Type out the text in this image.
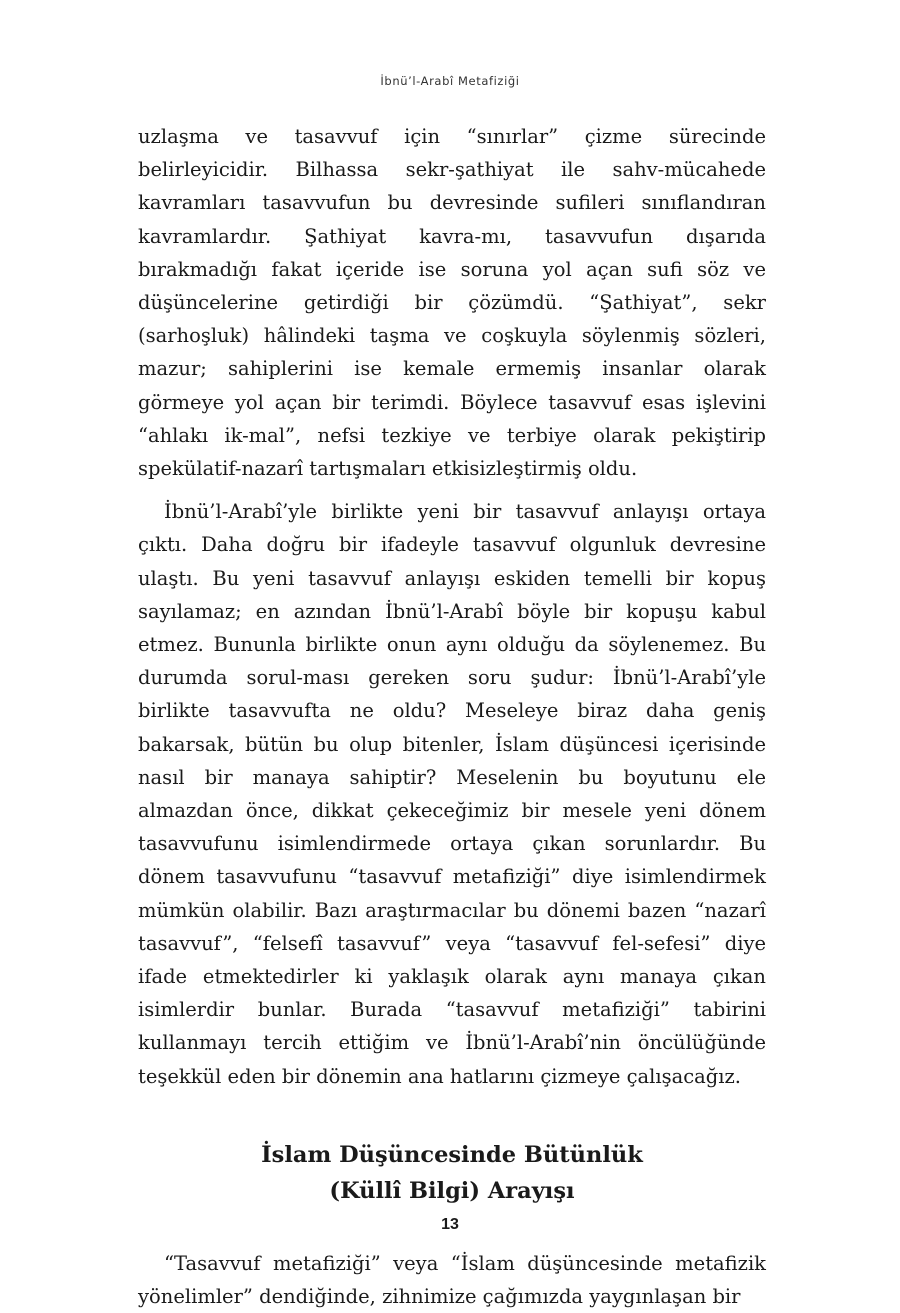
İbnü’l-Arabî Metafiziği

uzlaşma ve tasavvuf için “sınırlar” çizme sürecinde belirleyicidir. Bilhassa sekr-şathiyat ile sahv-mücahede kavramları tasavvufun bu devresinde sufileri sınıflandıran kavramlardır. Şathiyat kavra-mı, tasavvufun dışarıda bırakmadığı fakat içeride ise soruna yol açan sufi söz ve düşüncelerine getirdiği bir çözümdü. “Şathiyat”, sekr (sarhoşluk) hâlindeki taşma ve coşkuyla söylenmiş sözleri, mazur; sahiplerini ise kemale ermemiş insanlar olarak görmeye yol açan bir terimdi. Böylece tasavvuf esas işlevini “ahlakı ik-mal”, nefsi tezkiye ve terbiye olarak pekiştirip spekülatif-nazarî tartışmaları etkisizleştirmiş oldu.

İbnü’l-Arabî’yle birlikte yeni bir tasavvuf anlayışı ortaya çıktı. Daha doğru bir ifadeyle tasavvuf olgunluk devresine ulaştı. Bu yeni tasavvuf anlayışı eskiden temelli bir kopuş sayılamaz; en azından İbnü’l-Arabî böyle bir kopuşu kabul etmez. Bununla birlikte onun aynı olduğu da söylenemez. Bu durumda sorul-ması gereken soru şudur: İbnü’l-Arabî’yle birlikte tasavvufta ne oldu? Meseleye biraz daha geniş bakarsak, bütün bu olup bitenler, İslam düşüncesi içerisinde nasıl bir manaya sahiptir? Meselenin bu boyutunu ele almazdan önce, dikkat çekeceğimiz bir mesele yeni dönem tasavvufunu isimlendirmede ortaya çıkan sorunlardır. Bu dönem tasavvufunu “tasavvuf metafiziği” diye isimlendirmek mümkün olabilir. Bazı araştırmacılar bu dönemi bazen “nazarî tasavvuf”, “felsefî tasavvuf” veya “tasavvuf fel-sefesi” diye ifade etmektedirler ki yaklaşık olarak aynı manaya çıkan isimlerdir bunlar. Burada “tasavvuf metafiziği” tabirini kullanmayı tercih ettiğim ve İbnü’l-Arabî’nin öncülüğünde teşekkül eden bir dönemin ana hatlarını çizmeye çalışacağız.

İslam Düşüncesinde Bütünlük
(Küllî Bilgi) Arayışı

“Tasavvuf metafiziği” veya “İslam düşüncesinde metafizik yönelimler” dendiğinde, zihnimize çağımızda yaygınlaşan bir

13
